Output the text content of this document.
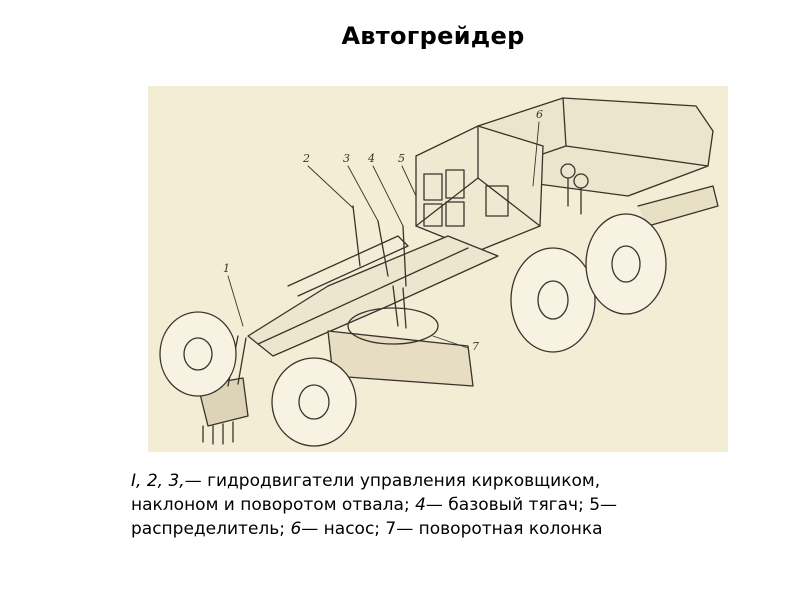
Автогрейдер
1
2	3 4 5
6
7
I, 2, 3,— гидродвигатели управления кирковщиком,
наклоном и поворотом отвала; 4— базовый тягач; 5—
распределитель; 6— насос; 7— поворотная колонка
